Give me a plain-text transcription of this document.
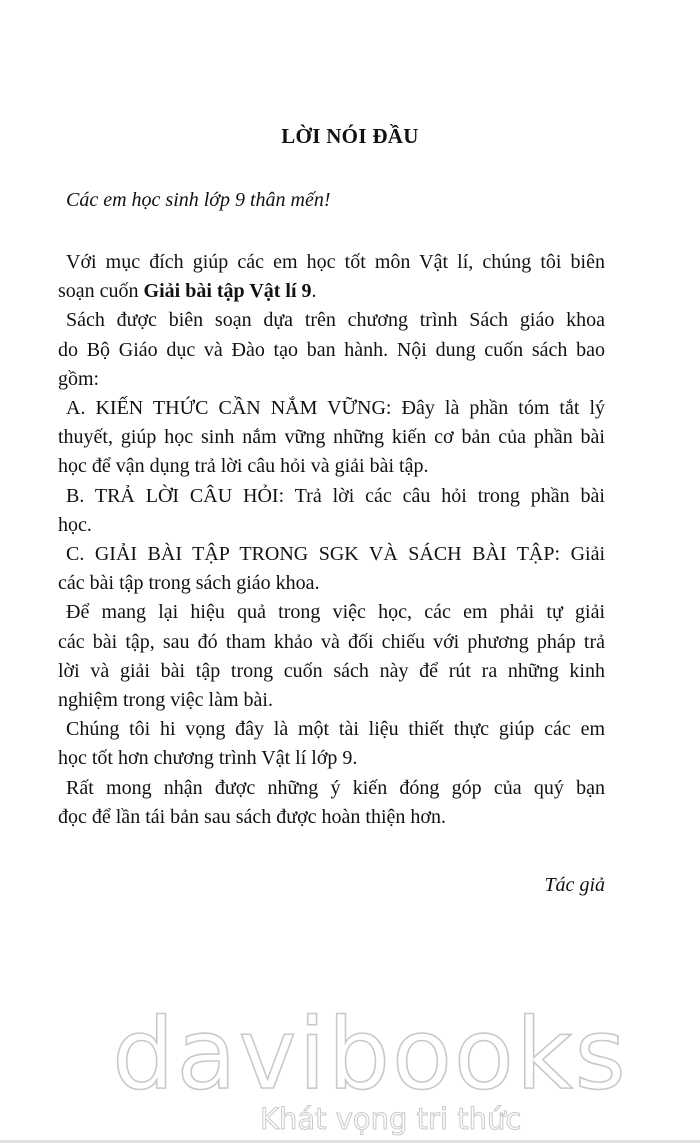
LỜI NÓI ĐẦU
Các em học sinh lớp 9 thân mến!
Với mục đích giúp các em học tốt môn Vật lí, chúng tôi biên
soạn cuốn Giải bài tập Vật lí 9.
Sách được biên soạn dựa trên chương trình Sách giáo khoa
do Bộ Giáo dục và Đào tạo ban hành. Nội dung cuốn sách bao
gồm:
A. KIẾN THỨC CẦN NẮM VỮNG: Đây là phần tóm tắt lý
thuyết, giúp học sinh nắm vững những kiến cơ bản của phần bài
học để vận dụng trả lời câu hỏi và giải bài tập.
B. TRẢ LỜI CÂU HỎI: Trả lời các câu hỏi trong phần bài
học.
C. GIẢI BÀI TẬP TRONG SGK VÀ SÁCH BÀI TẬP: Giải
các bài tập trong sách giáo khoa.
Để mang lại hiệu quả trong việc học, các em phải tự giải
các bài tập, sau đó tham khảo và đối chiếu với phương pháp trả
lời và giải bài tập trong cuốn sách này để rút ra những kinh
nghiệm trong việc làm bài.
Chúng tôi hi vọng đây là một tài liệu thiết thực giúp các em
học tốt hơn chương trình Vật lí lớp 9.
Rất mong nhận được những ý kiến đóng góp của quý bạn
đọc để lần tái bản sau sách được hoàn thiện hơn.
Tác giả
davibooks
Khát vọng tri thức
